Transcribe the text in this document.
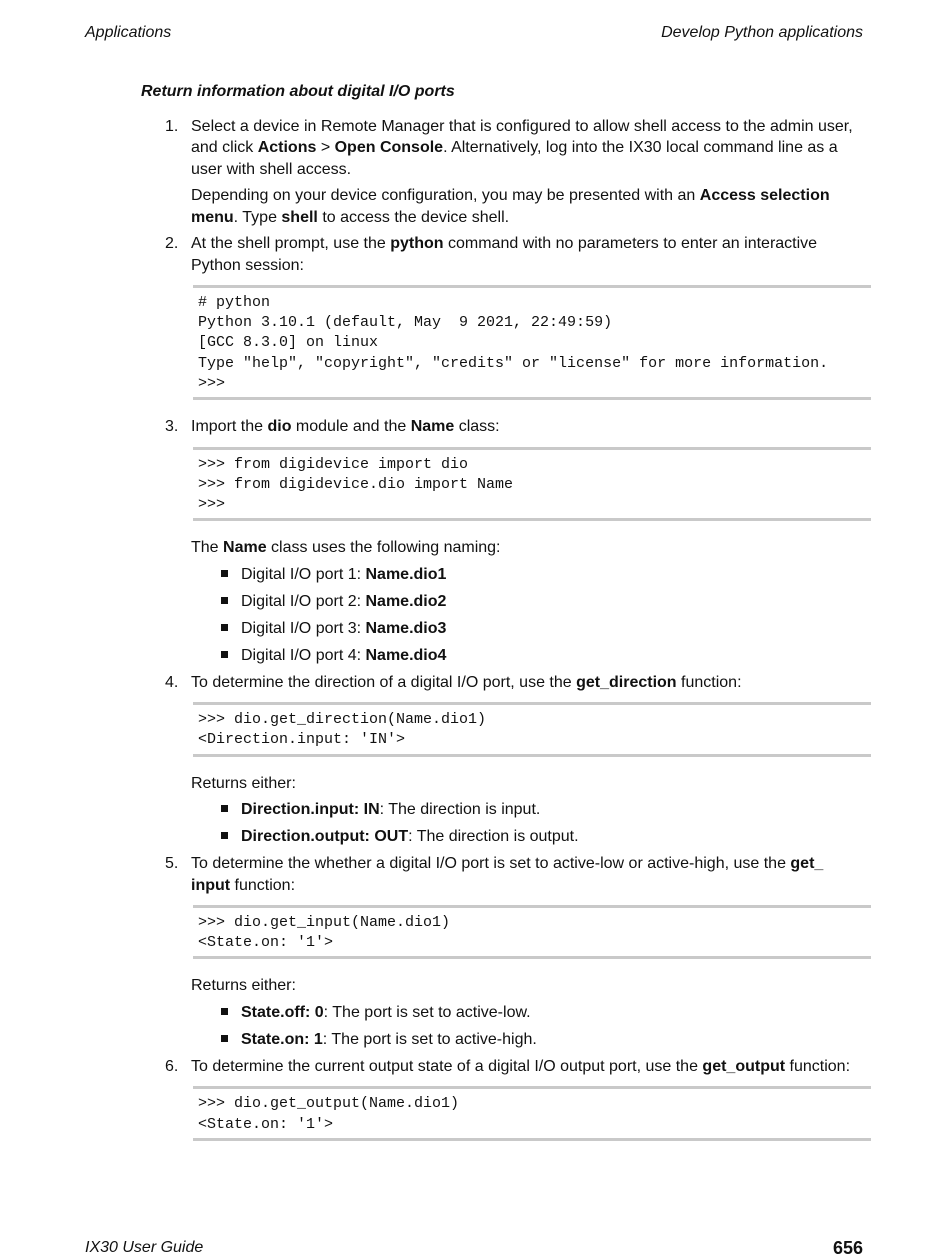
Applications	Develop Python applications
Return information about digital I/O ports
1. Select a device in Remote Manager that is configured to allow shell access to the admin user, and click Actions > Open Console. Alternatively, log into the IX30 local command line as a user with shell access.

Depending on your device configuration, you may be presented with an Access selection menu. Type shell to access the device shell.

2. At the shell prompt, use the python command with no parameters to enter an interactive Python session:

# python
Python 3.10.1 (default, May  9 2021, 22:49:59)
[GCC 8.3.0] on linux
Type "help", "copyright", "credits" or "license" for more information.
>>>
3. Import the dio module and the Name class:

>>> from digidevice import dio
>>> from digidevice.dio import Name
>>>

The Name class uses the following naming:

Digital I/O port 1: Name.dio1
Digital I/O port 2: Name.dio2
Digital I/O port 3: Name.dio3
Digital I/O port 4: Name.dio4
4. To determine the direction of a digital I/O port, use the get_direction function:

>>> dio.get_direction(Name.dio1)
<Direction.input: 'IN'>

Returns either:

Direction.input: IN: The direction is input.
Direction.output: OUT: The direction is output.
5. To determine the whether a digital I/O port is set to active-low or active-high, use the get_
input function:

>>> dio.get_input(Name.dio1)
<State.on: '1'>

Returns either:

State.off: 0: The port is set to active-low.
State.on: 1: The port is set to active-high.
6. To determine the current output state of a digital I/O output port, use the get_output function:

>>> dio.get_output(Name.dio1)
<State.on: '1'>
IX30 User Guide	656
